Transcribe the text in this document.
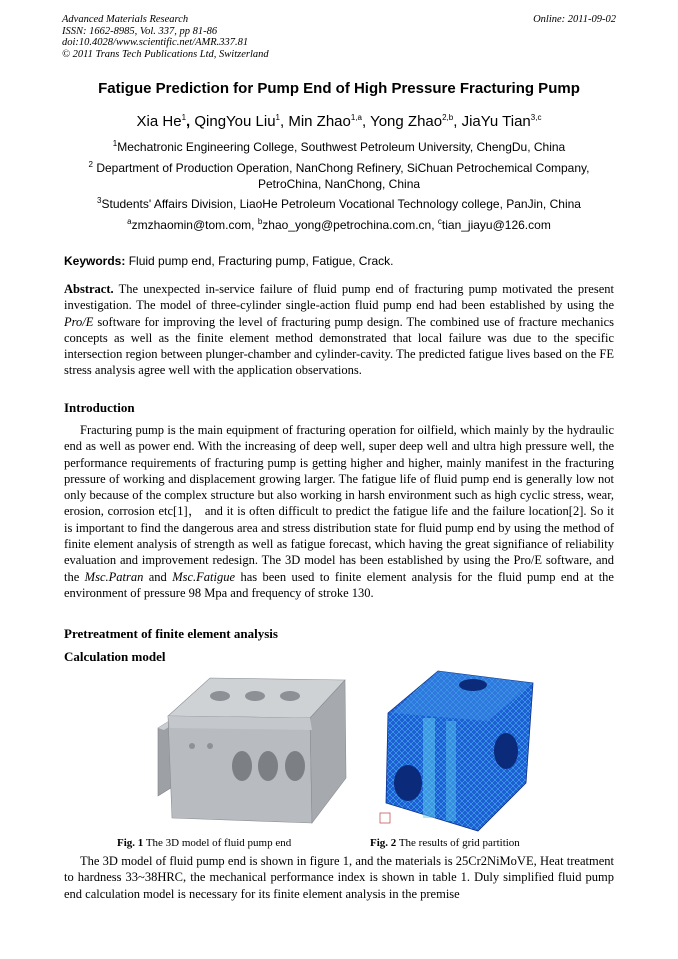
Advanced Materials Research
ISSN: 1662-8985, Vol. 337, pp 81-86
doi:10.4028/www.scientific.net/AMR.337.81
© 2011 Trans Tech Publications Ltd, Switzerland
Online: 2011-09-02
Fatigue Prediction for Pump End of High Pressure Fracturing Pump
Xia He$^1$, QingYou Liu$^1$, Min Zhao$^{1,a}$, Yong Zhao$^{2,b}$, JiaYu Tian$^{3,c}$
$^1$Mechatronic Engineering College, Southwest Petroleum University, ChengDu, China
$^2$ Department of Production Operation, NanChong Refinery, SiChuan Petrochemical Company,
PetroChina, NanChong, China
$^3$Students' Affairs Division, LiaoHe Petroleum Vocational Technology college, PanJin, China
$^a$zmzhaomin@tom.com, $^b$zhao_yong@petrochina.com.cn, $^c$tian_jiayu@126.com
Keywords: Fluid pump end, Fracturing pump, Fatigue, Crack.
Abstract. The unexpected in-service failure of fluid pump end of fracturing pump motivated the present investigation. The model of three-cylinder single-action fluid pump end had been established by using the Pro/E software for improving the level of fracturing pump design. The combined use of fracture mechanics concepts as well as the finite element method demonstrated that local failure was due to the specific intersection region between plunger-chamber and cylinder-cavity. The predicted fatigue lives based on the FE stress analysis agree well with the application observations.
Introduction
Fracturing pump is the main equipment of fracturing operation for oilfield, which mainly by the hydraulic end as well as power end. With the increasing of deep well, super deep well and ultra high pressure well, the performance requirements of fracturing pump is getting higher and higher, mainly manifest in the fracturing pressure of working and displacement growing larger. The fatigue life of fluid pump end is generally low not only because of the complex structure but also working in harsh environment such as high cyclic stress, wear, erosion, corrosion etc[1]， and it is often difficult to predict the fatigue life and the failure location[2]. So it is important to find the dangerous area and stress distribution state for fluid pump end by using the method of finite element analysis of strength as well as fatigue forecast, which having the great signifiance of reliability evaluation and improvement redesign. The 3D model has been established by using the Pro/E software, and the Msc.Patran and Msc.Fatigue has been used to finite element analysis for the fluid pump end at the environment of pressure 98 Mpa and frequency of stroke 130.
Pretreatment of finite element analysis
Calculation model
Fig. 1 The 3D model of fluid pump end	Fig. 2 The results of grid partition
The 3D model of fluid pump end is shown in figure 1, and the materials is 25Cr2NiMoVE, Heat treatment to hardness 33~38HRC, the mechanical performance index is shown in table 1. Duly simplified fluid pump end calculation model is necessary for its finite element analysis in the premise
